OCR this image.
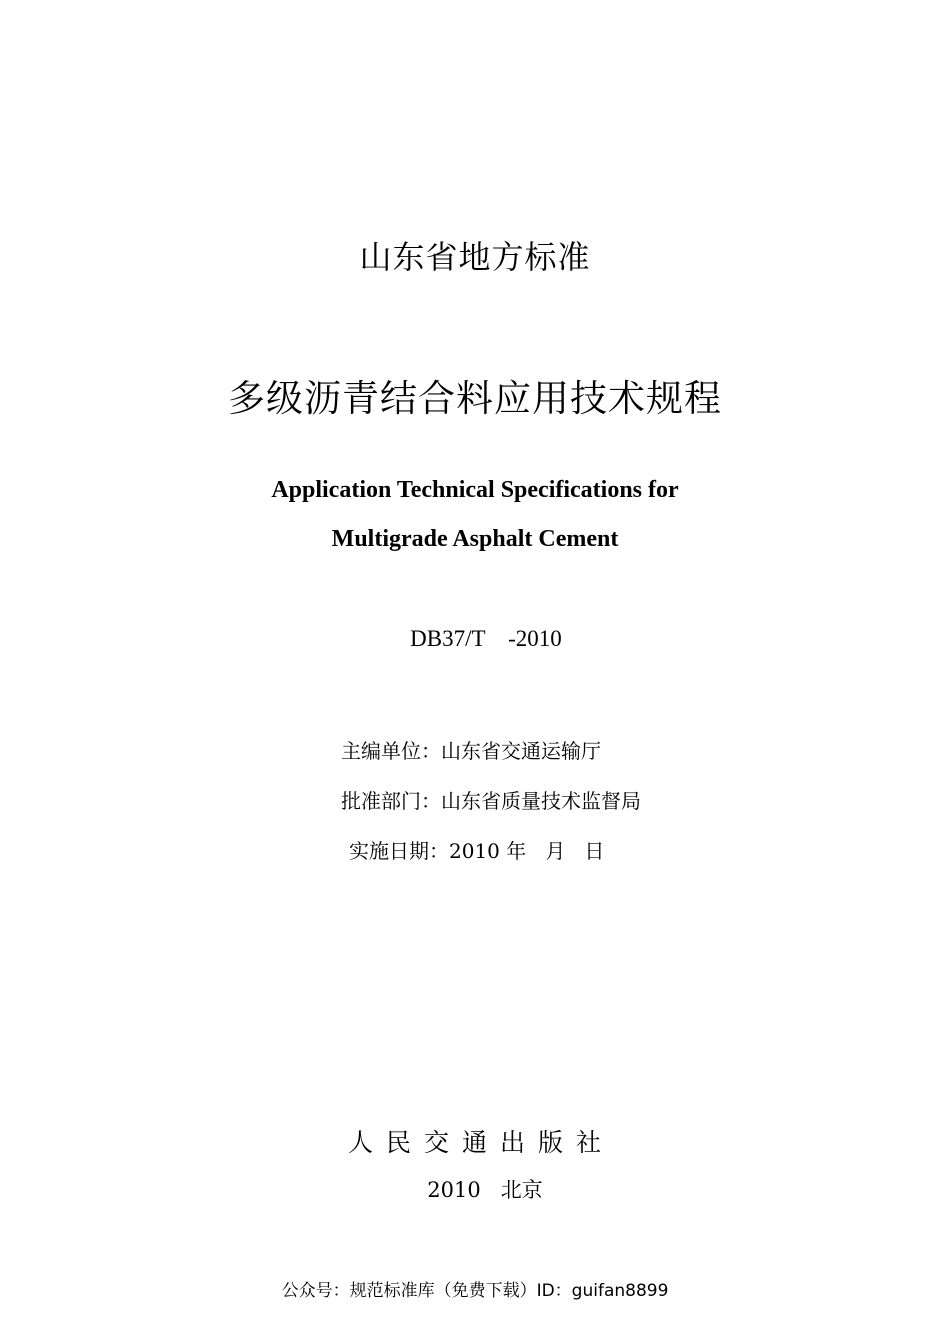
山东省地方标准
多级沥青结合料应用技术规程
Application Technical Specifications for
Multigrade Asphalt Cement
DB37/T    -2010
主编单位：山东省交通运输厅
批准部门：山东省质量技术监督局
实施日期：2010 年   月   日
人民交通出版社
2010   北京
公众号：规范标准库（免费下载）ID：guifan8899
